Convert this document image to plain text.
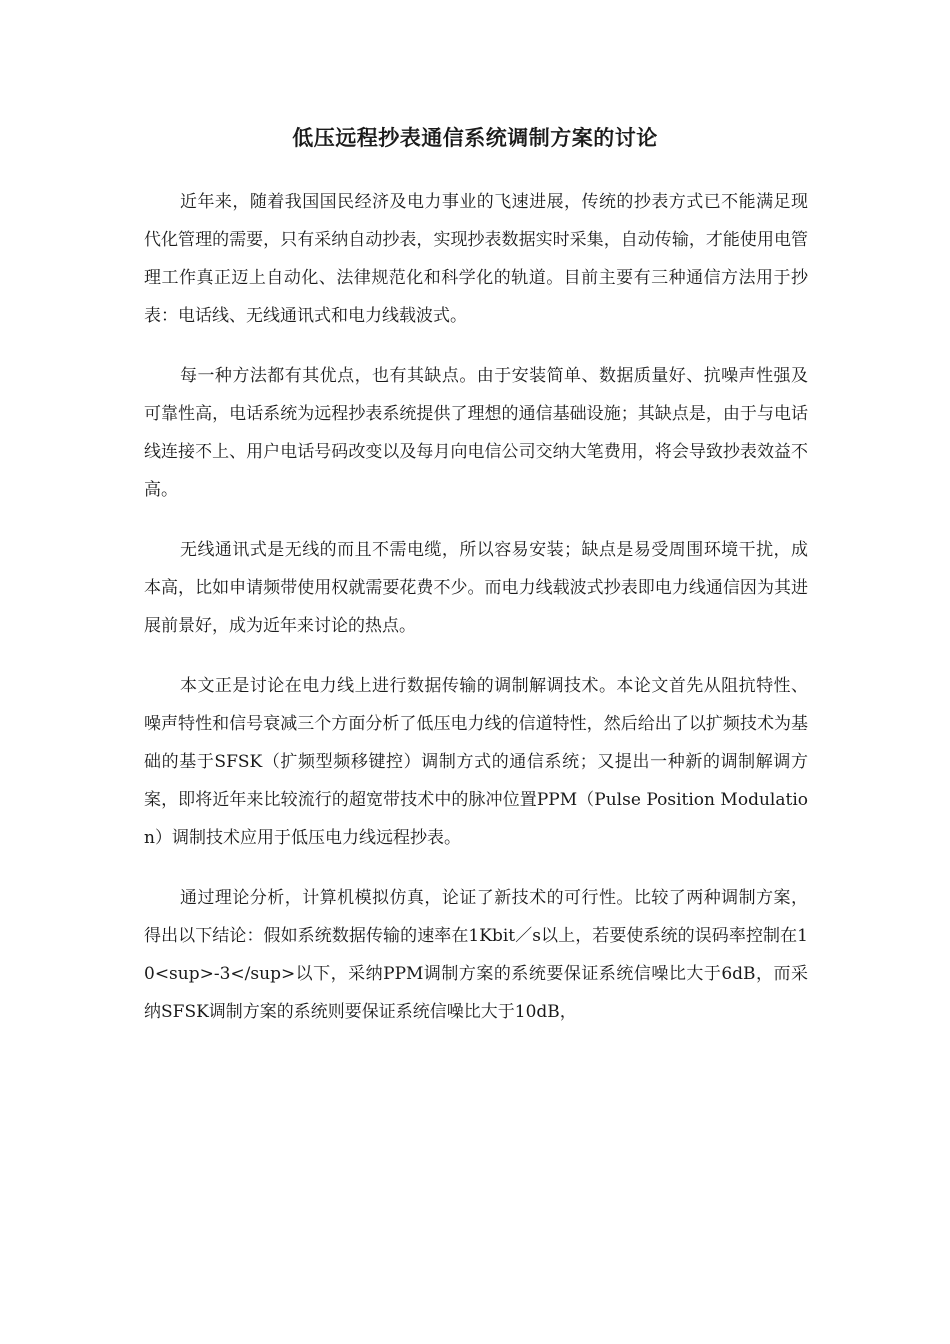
低压远程抄表通信系统调制方案的讨论

近年来，随着我国国民经济及电力事业的飞速进展，传统的抄表方式已不能满足现代化管理的需要，只有采纳自动抄表，实现抄表数据实时采集，自动传输，才能使用电管理工作真正迈上自动化、法律规范化和科学化的轨道。目前主要有三种通信方法用于抄表：电话线、无线通讯式和电力线载波式。

每一种方法都有其优点，也有其缺点。由于安装简单、数据质量好、抗噪声性强及可靠性高，电话系统为远程抄表系统提供了理想的通信基础设施；其缺点是，由于与电话线连接不上、用户电话号码改变以及每月向电信公司交纳大笔费用，将会导致抄表效益不高。

无线通讯式是无线的而且不需电缆，所以容易安装；缺点是易受周围环境干扰，成本高，比如申请频带使用权就需要花费不少。而电力线载波式抄表即电力线通信因为其进展前景好，成为近年来讨论的热点。

本文正是讨论在电力线上进行数据传输的调制解调技术。本论文首先从阻抗特性、噪声特性和信号衰减三个方面分析了低压电力线的信道特性，然后给出了以扩频技术为基础的基于SFSK（扩频型频移键控）调制方式的通信系统；又提出一种新的调制解调方案，即将近年来比较流行的超宽带技术中的脉冲位置PPM（Pulse Position Modulation）调制技术应用于低压电力线远程抄表。

通过理论分析，计算机模拟仿真，论证了新技术的可行性。比较了两种调制方案，得出以下结论：假如系统数据传输的速率在1Kbit／s以上，若要使系统的误码率控制在10<sup>-3</sup>以下，采纳PPM调制方案的系统要保证系统信噪比大于6dB，而采纳SFSK调制方案的系统则要保证系统信噪比大于10dB，
